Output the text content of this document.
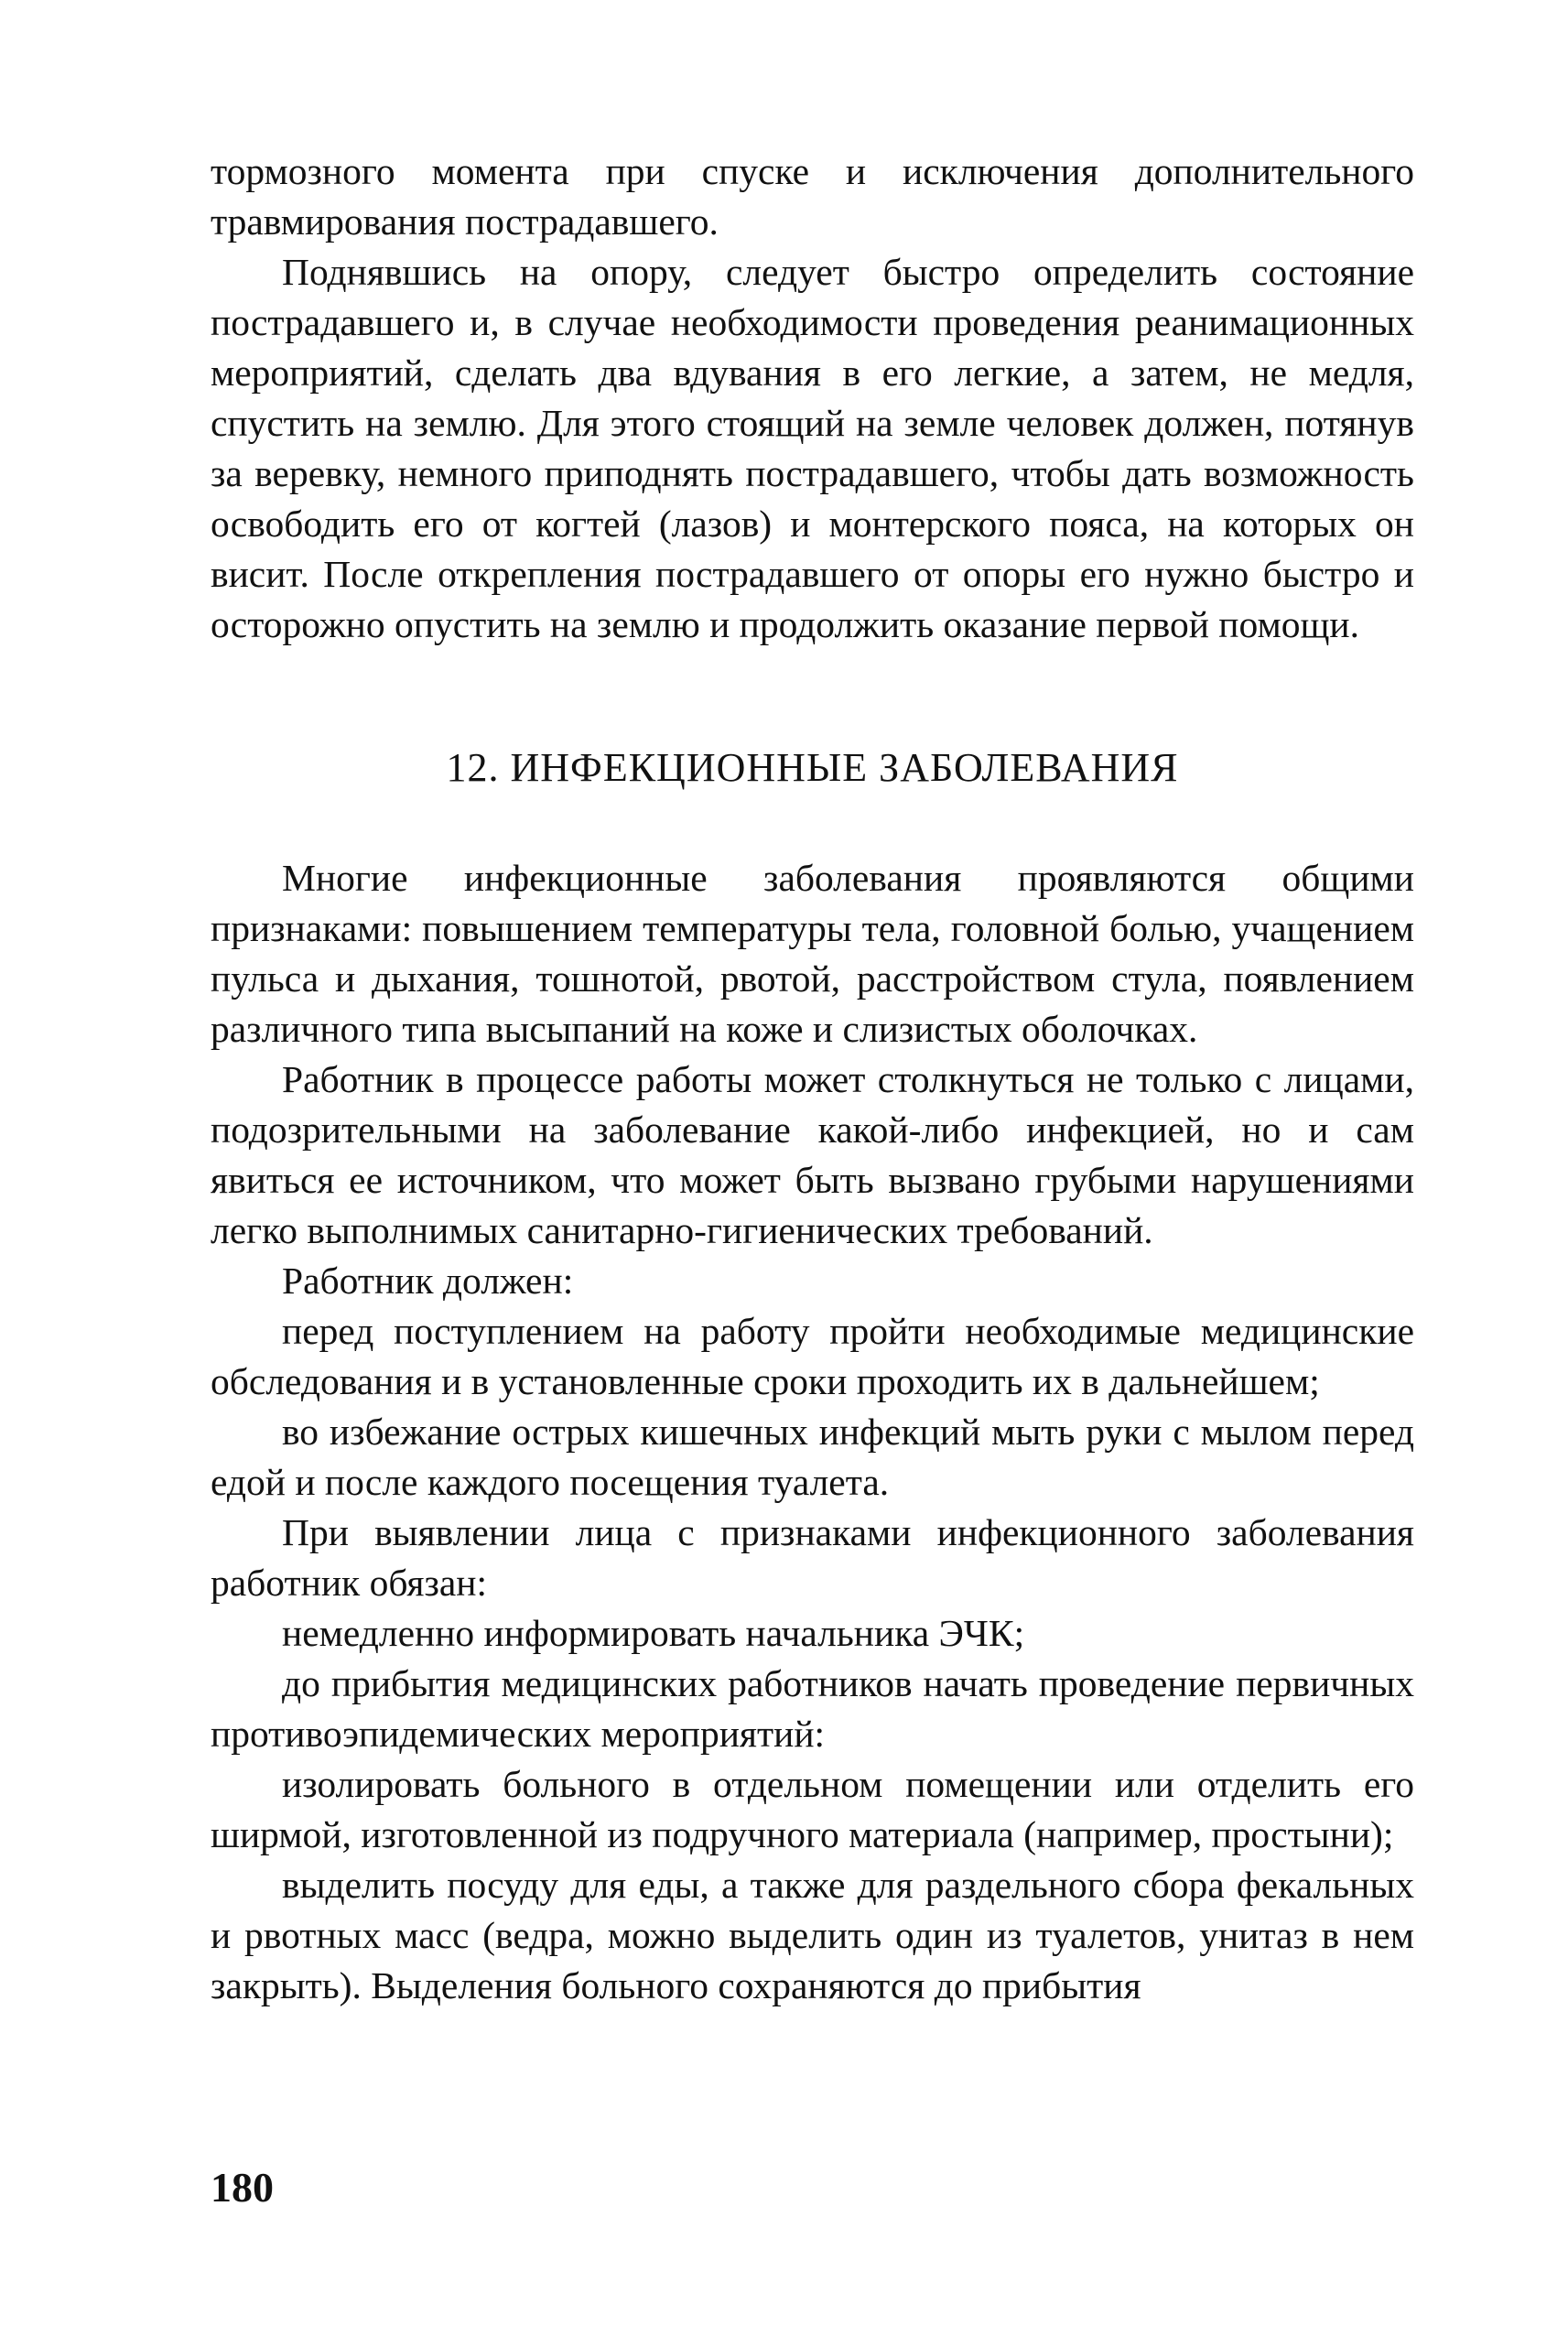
тормозного момента при спуске и исключения дополнительного травмирования пострадавшего.

Поднявшись на опору, следует быстро определить состояние пострадавшего и, в случае необходимости проведения реанимационных мероприятий, сделать два вдувания в его легкие, а затем, не медля, спустить на землю. Для этого стоящий на земле человек должен, потянув за веревку, немного приподнять пострадавшего, чтобы дать возможность освободить его от когтей (лазов) и монтерского пояса, на которых он висит. После открепления пострадавшего от опоры его нужно быстро и осторожно опустить на землю и продолжить оказание первой помощи.

12. ИНФЕКЦИОННЫЕ ЗАБОЛЕВАНИЯ

Многие инфекционные заболевания проявляются общими признаками: повышением температуры тела, головной болью, учащением пульса и дыхания, тошнотой, рвотой, расстройством стула, появлением различного типа высыпаний на коже и слизистых оболочках.

Работник в процессе работы может столкнуться не только с лицами, подозрительными на заболевание какой-либо инфекцией, но и сам явиться ее источником, что может быть вызвано грубыми нарушениями легко выполнимых санитарно-гигиенических требований.

Работник должен:

перед поступлением на работу пройти необходимые медицинские обследования и в установленные сроки проходить их в дальнейшем;

во избежание острых кишечных инфекций мыть руки с мылом перед едой и после каждого посещения туалета.

При выявлении лица с признаками инфекционного заболевания работник обязан:

немедленно информировать начальника ЭЧК;

до прибытия медицинских работников начать проведение первичных противоэпидемических мероприятий:

изолировать больного в отдельном помещении или отделить его ширмой, изготовленной из подручного материала (например, простыни);

выделить посуду для еды, а также для раздельного сбора фекальных и рвотных масс (ведра, можно выделить один из туалетов, унитаз в нем закрыть). Выделения больного сохраняются до прибытия

180
